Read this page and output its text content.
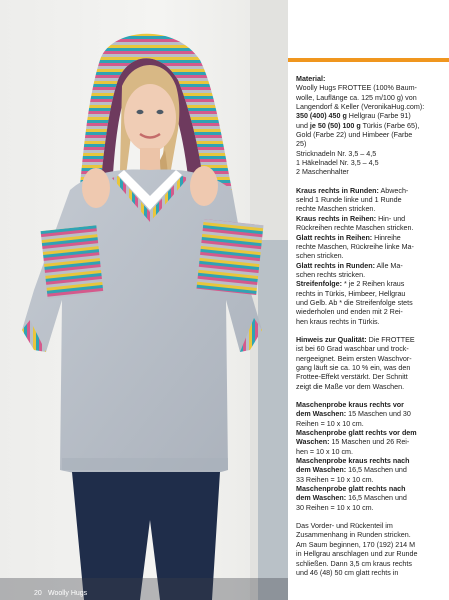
20 Woolly Hugs

Material:
Woolly Hugs FROTTEE (100% Baum-
wolle, Lauflänge ca. 125 m/100 g) von
Langendorf & Keller (VeronikaHug.com):
350 (400) 450 g Hellgrau (Farbe 91)
und je 50 (50) 100 g Türkis (Farbe 65),
Gold (Farbe 22) und Himbeer (Farbe
25)
Stricknadeln Nr. 3,5 – 4,5
1 Häkelnadel Nr. 3,5 – 4,5
2 Maschenhalter

Kraus rechts in Runden: Abwech-
selnd 1 Runde linke und 1 Runde
rechte Maschen stricken.
Kraus rechts in Reihen: Hin- und
Rückreihen rechte Maschen stricken.
Glatt rechts in Reihen: Hinreihe
rechte Maschen, Rückreihe linke Ma-
schen stricken.
Glatt rechts in Runden: Alle Ma-
schen rechts stricken.
Streifenfolge: * je 2 Reihen kraus
rechts in Türkis, Himbeer, Hellgrau
und Gelb. Ab * die Streifenfolge stets
wiederholen und enden mit 2 Rei-
hen kraus rechts in Türkis.

Hinweis zur Qualität: Die FROTTEE
ist bei 60 Grad waschbar und trock-
nergeeignet. Beim ersten Waschvor-
gang läuft sie ca. 10 % ein, was den
Frottee-Effekt verstärkt. Der Schnitt
zeigt die Maße vor dem Waschen.

Maschenprobe kraus rechts vor
dem Waschen: 15 Maschen und 30
Reihen = 10 x 10 cm.
Maschenprobe glatt rechts vor dem
Waschen: 15 Maschen und 26 Rei-
hen = 10 x 10 cm.
Maschenprobe kraus rechts nach
dem Waschen: 16,5 Maschen und
33 Reihen = 10 x 10 cm.
Maschenprobe glatt rechts nach
dem Waschen: 16,5 Maschen und
30 Reihen = 10 x 10 cm.

Das Vorder- und Rückenteil im
Zusammenhang in Runden stricken.
Am Saum beginnen, 170 (192) 214 M
in Hellgrau anschlagen und zur Runde
schließen. Dann 3,5 cm kraus rechts
und 46 (48) 50 cm glatt rechts in
